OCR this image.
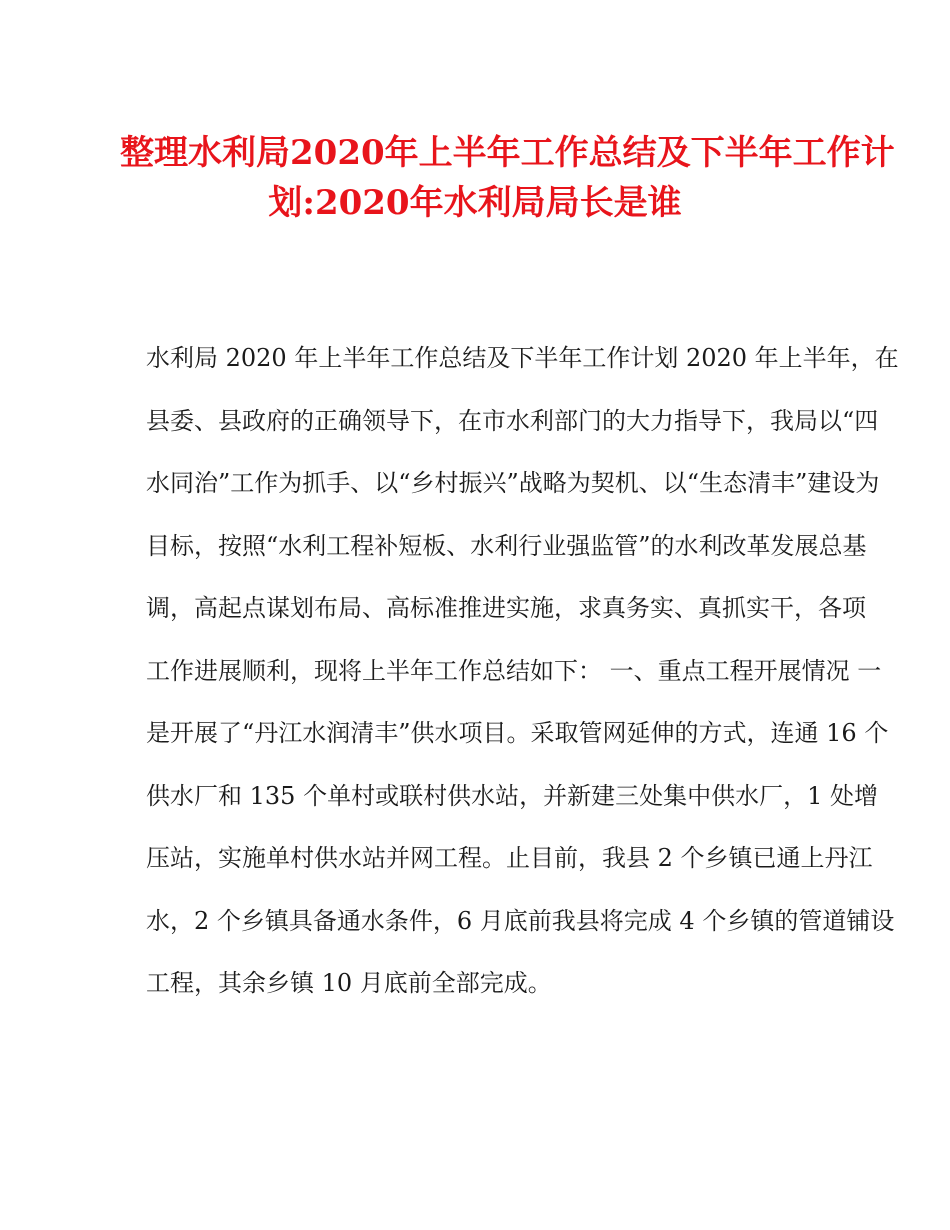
整理水利局2020年上半年工作总结及下半年工作计
划:2020年水利局局长是谁
水利局 2020 年上半年工作总结及下半年工作计划 2020 年上半年，在
县委、县政府的正确领导下，在市水利部门的大力指导下，我局以“四
水同治”工作为抓手、以“乡村振兴”战略为契机、以“生态清丰”建设为
目标，按照“水利工程补短板、水利行业强监管”的水利改革发展总基
调，高起点谋划布局、高标准推进实施，求真务实、真抓实干，各项
工作进展顺利，现将上半年工作总结如下： 一、重点工程开展情况 一
是开展了“丹江水润清丰”供水项目。采取管网延伸的方式，连通 16 个
供水厂和 135 个单村或联村供水站，并新建三处集中供水厂，1 处增
压站，实施单村供水站并网工程。止目前，我县 2 个乡镇已通上丹江
水，2 个乡镇具备通水条件，6 月底前我县将完成 4 个乡镇的管道铺设
工程，其余乡镇 10 月底前全部完成。
